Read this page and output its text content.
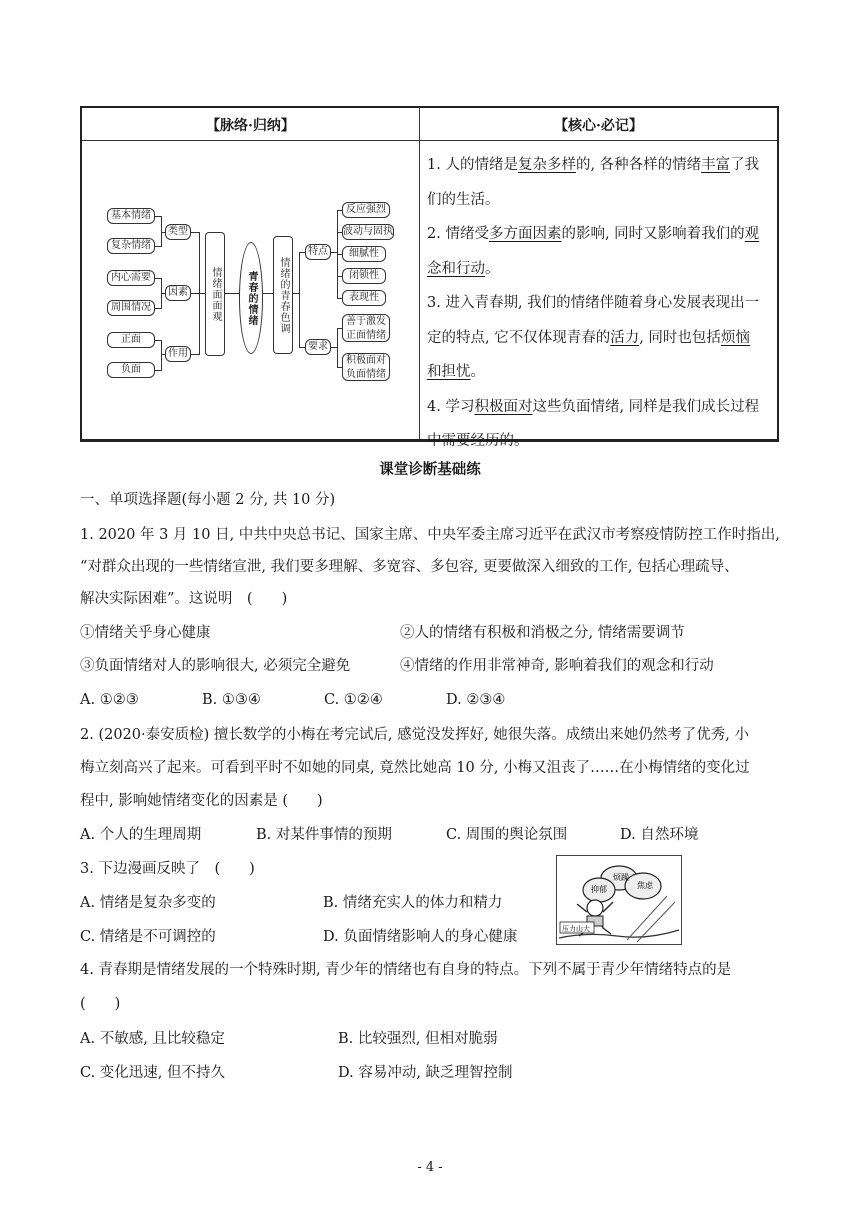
【脉络·归纳】	【核心·必记】
基本情绪
复杂情绪
内心需要
周围情况
正面
负面
类型
因素
作用
情绪面面观	青春的情绪	情绪的青春色调
特点
要求
反应强烈
波动与固执
细腻性
闭锁性
表现性
善于激发正面情绪
积极面对负面情绪
1. 人的情绪是复杂多样的, 各种各样的情绪丰富了我
们的生活。
2. 情绪受多方面因素的影响, 同时又影响着我们的观
念和行动。
3. 进入青春期, 我们的情绪伴随着身心发展表现出一
定的特点, 它不仅体现青春的活力, 同时也包括烦恼
和担忧。
4. 学习积极面对这些负面情绪, 同样是我们成长过程
中需要经历的。
课堂诊断基础练
一、单项选择题(每小题 2 分, 共 10 分)
1. 2020 年 3 月 10 日, 中共中央总书记、国家主席、中央军委主席习近平在武汉市考察疫情防控工作时指出,
“对群众出现的一些情绪宣泄, 我们要多理解、多宽容、多包容, 更要做深入细致的工作, 包括心理疏导、
解决实际困难”。这说明　(　　)
①情绪关乎身心健康	②人的情绪有积极和消极之分, 情绪需要调节
③负面情绪对人的影响很大, 必须完全避免	④情绪的作用非常神奇, 影响着我们的观念和行动
A. ①②③	B. ①③④	C. ①②④	D. ②③④
2. (2020·泰安质检) 擅长数学的小梅在考完试后, 感觉没发挥好, 她很失落。成绩出来她仍然考了优秀, 小
梅立刻高兴了起来。可看到平时不如她的同桌, 竟然比她高 10 分, 小梅又沮丧了……在小梅情绪的变化过
程中, 影响她情绪变化的因素是 (　　)
A. 个人的生理周期	B. 对某件事情的预期	C. 周围的舆论氛围	D. 自然环境
3. 下边漫画反映了　(　　)
A. 情绪是复杂多变的	B. 情绪充实人的体力和精力
C. 情绪是不可调控的	D. 负面情绪影响人的身心健康
烦躁
焦虑
抑郁
压力山大
4. 青春期是情绪发展的一个特殊时期, 青少年的情绪也有自身的特点。下列不属于青少年情绪特点的是
(　　)
A. 不敏感, 且比较稳定	B. 比较强烈, 但相对脆弱
C. 变化迅速, 但不持久	D. 容易冲动, 缺乏理智控制
- 4 -
